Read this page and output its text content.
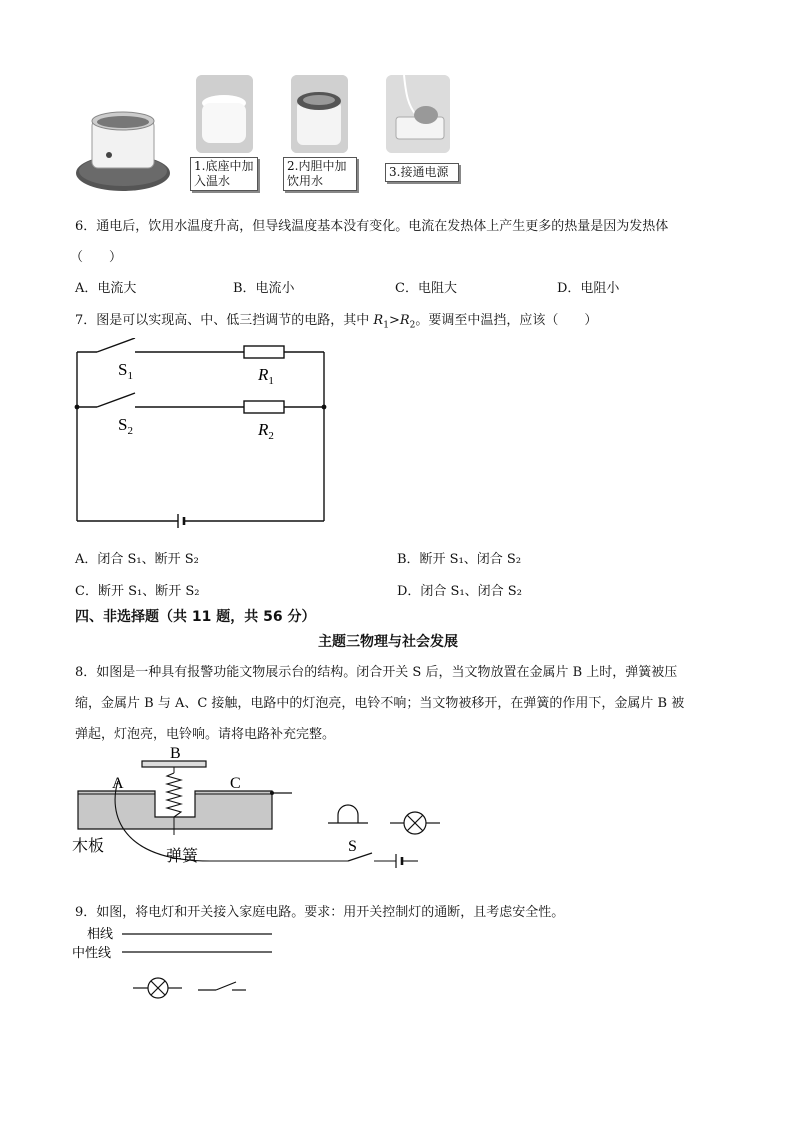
1.底座中加入温水
2.内胆中加饮用水
3.接通电源
6．通电后，饮用水温度升高，但导线温度基本没有变化。电流在发热体上产生更多的热量是因为发热体
（　　）
A．电流大	B．电流小	C．电阻大	D．电阻小
7．图是可以实现高、中、低三挡调节的电路，其中 $R_1>R_2$。要调至中温挡，应该（　　）
$S_1$
$S_2$
$R_1$
$R_2$
A．闭合 S₁、断开 S₂	B．断开 S₁、闭合 S₂
C．断开 S₁、断开 S₂	D．闭合 S₁、闭合 S₂
四、非选择题（共 11 题，共 56 分）
主题三物理与社会发展
8．如图是一种具有报警功能文物展示台的结构。闭合开关 S 后，当文物放置在金属片 B 上时，弹簧被压
缩，金属片 B 与 A、C 接触，电路中的灯泡亮，电铃不响；当文物被移开，在弹簧的作用下，金属片 B 被
弹起，灯泡亮，电铃响。请将电路补充完整。
B
A	C
木板
弹簧
S
9．如图，将电灯和开关接入家庭电路。要求：用开关控制灯的通断，且考虑安全性。
相线
中性线
